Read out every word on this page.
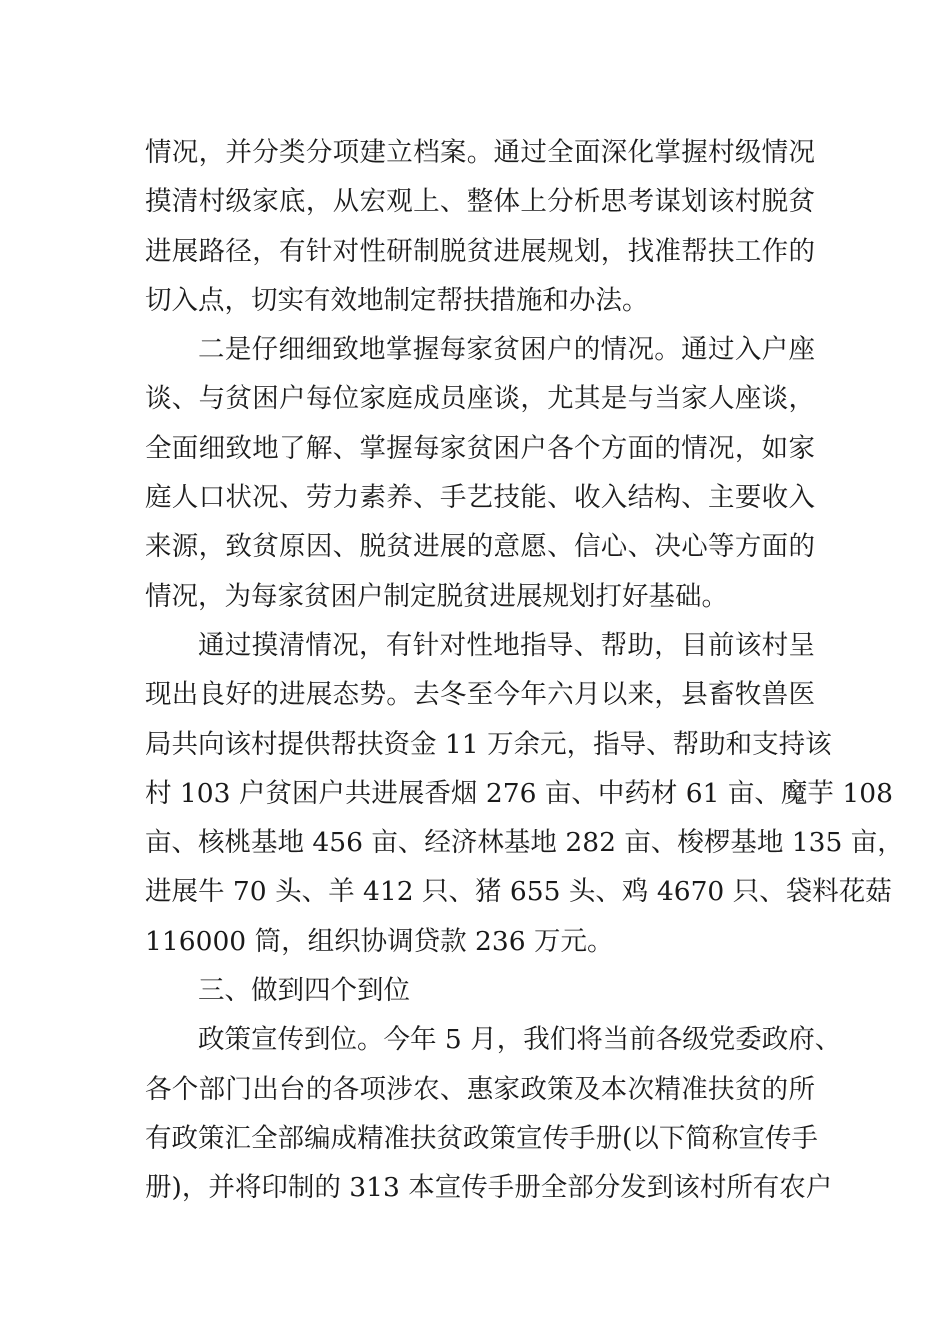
情况，并分类分项建立档案。通过全面深化掌握村级情况
摸清村级家底，从宏观上、整体上分析思考谋划该村脱贫
进展路径，有针对性研制脱贫进展规划，找准帮扶工作的
切入点，切实有效地制定帮扶措施和办法。
二是仔细细致地掌握每家贫困户的情况。通过入户座
谈、与贫困户每位家庭成员座谈，尤其是与当家人座谈，
全面细致地了解、掌握每家贫困户各个方面的情况，如家
庭人口状况、劳力素养、手艺技能、收入结构、主要收入
来源，致贫原因、脱贫进展的意愿、信心、决心等方面的
情况，为每家贫困户制定脱贫进展规划打好基础。
通过摸清情况，有针对性地指导、帮助，目前该村呈
现出良好的进展态势。去冬至今年六月以来，县畜牧兽医
局共向该村提供帮扶资金 11 万余元，指导、帮助和支持该
村 103 户贫困户共进展香烟 276 亩、中药材 61 亩、魔芋 108
亩、核桃基地 456 亩、经济林基地 282 亩、梭椤基地 135 亩，
进展牛 70 头、羊 412 只、猪 655 头、鸡 4670 只、袋料花菇
116000 筒，组织协调贷款 236 万元。
三、做到四个到位
政策宣传到位。今年 5 月，我们将当前各级党委政府、
各个部门出台的各项涉农、惠家政策及本次精准扶贫的所
有政策汇全部编成精准扶贫政策宣传手册(以下简称宣传手
册)，并将印制的 313 本宣传手册全部分发到该村所有农户
